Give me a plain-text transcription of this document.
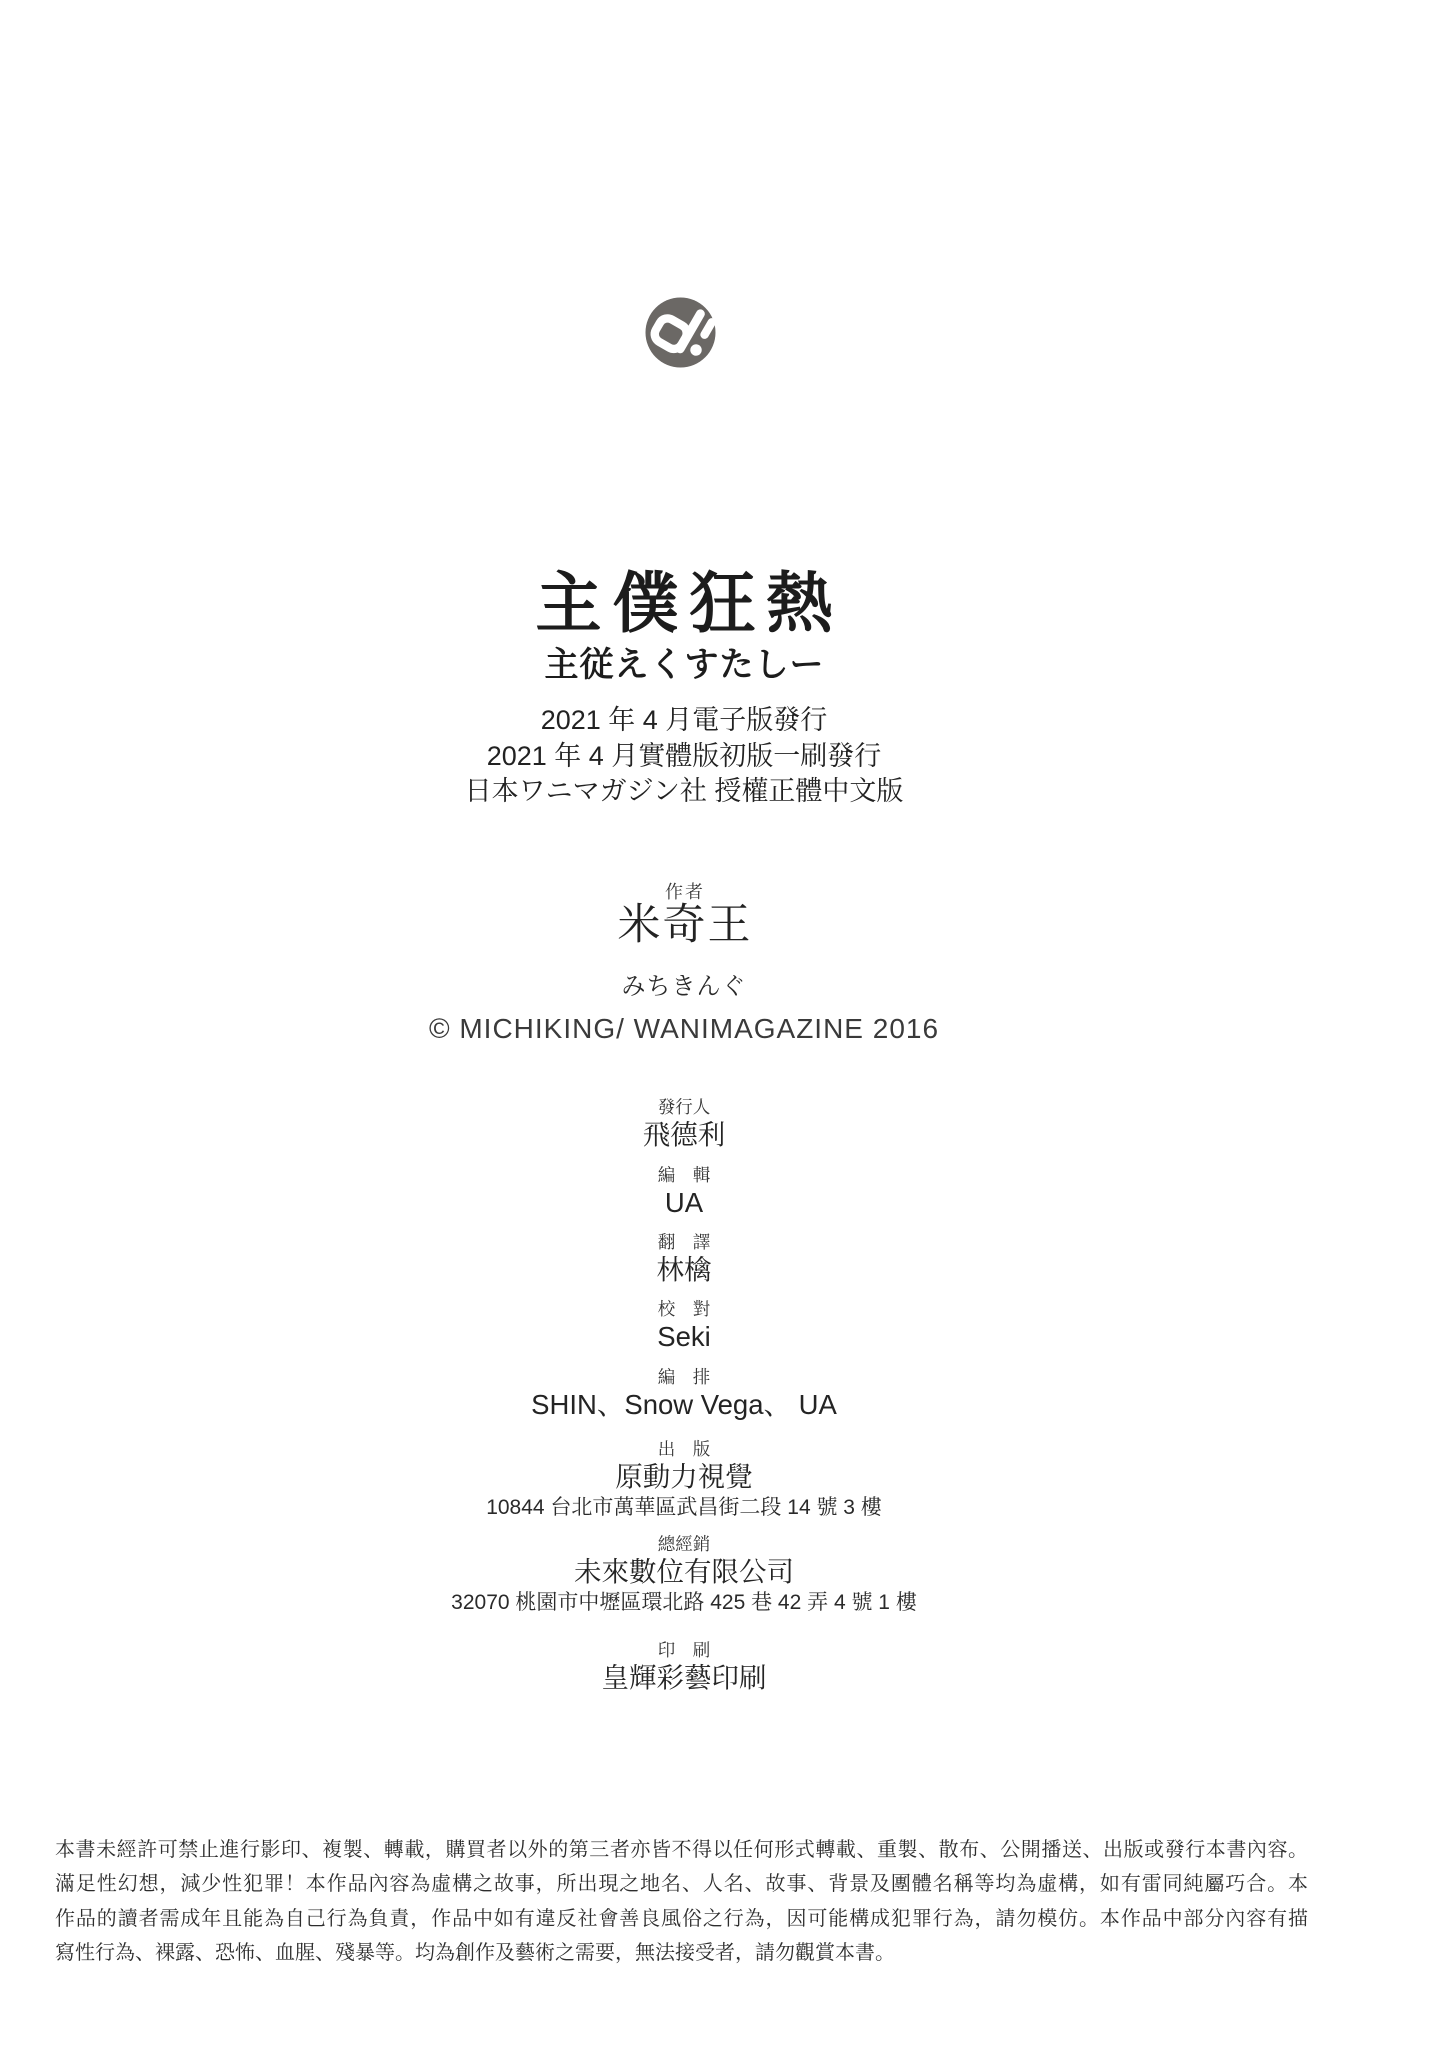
主僕狂熱
主従えくすたしー
2021 年 4 月電子版發行
2021 年 4 月實體版初版一刷發行
日本ワニマガジン社 授權正體中文版
作者
米奇王
みちきんぐ
© MICHIKING/ WANIMAGAZINE 2016
發行人
飛德利
編　輯
UA
翻　譯
林檎
校　對
Seki
編　排
SHIN、Snow Vega、 UA
出　版
原動力視覺
10844 台北市萬華區武昌街二段 14 號 3 樓
總經銷
未來數位有限公司
32070 桃園市中壢區環北路 425 巷 42 弄 4 號 1 樓
印　刷
皇輝彩藝印刷
本書未經許可禁止進行影印、複製、轉載，購買者以外的第三者亦皆不得以任何形式轉載、重製、散布、公開播送、出版或發行本書內容。
滿足性幻想，減少性犯罪！本作品內容為虛構之故事，所出現之地名、人名、故事、背景及團體名稱等均為虛構，如有雷同純屬巧合。本
作品的讀者需成年且能為自己行為負責，作品中如有違反社會善良風俗之行為，因可能構成犯罪行為，請勿模仿。本作品中部分內容有描
寫性行為、裸露、恐怖、血腥、殘暴等。均為創作及藝術之需要，無法接受者，請勿觀賞本書。
